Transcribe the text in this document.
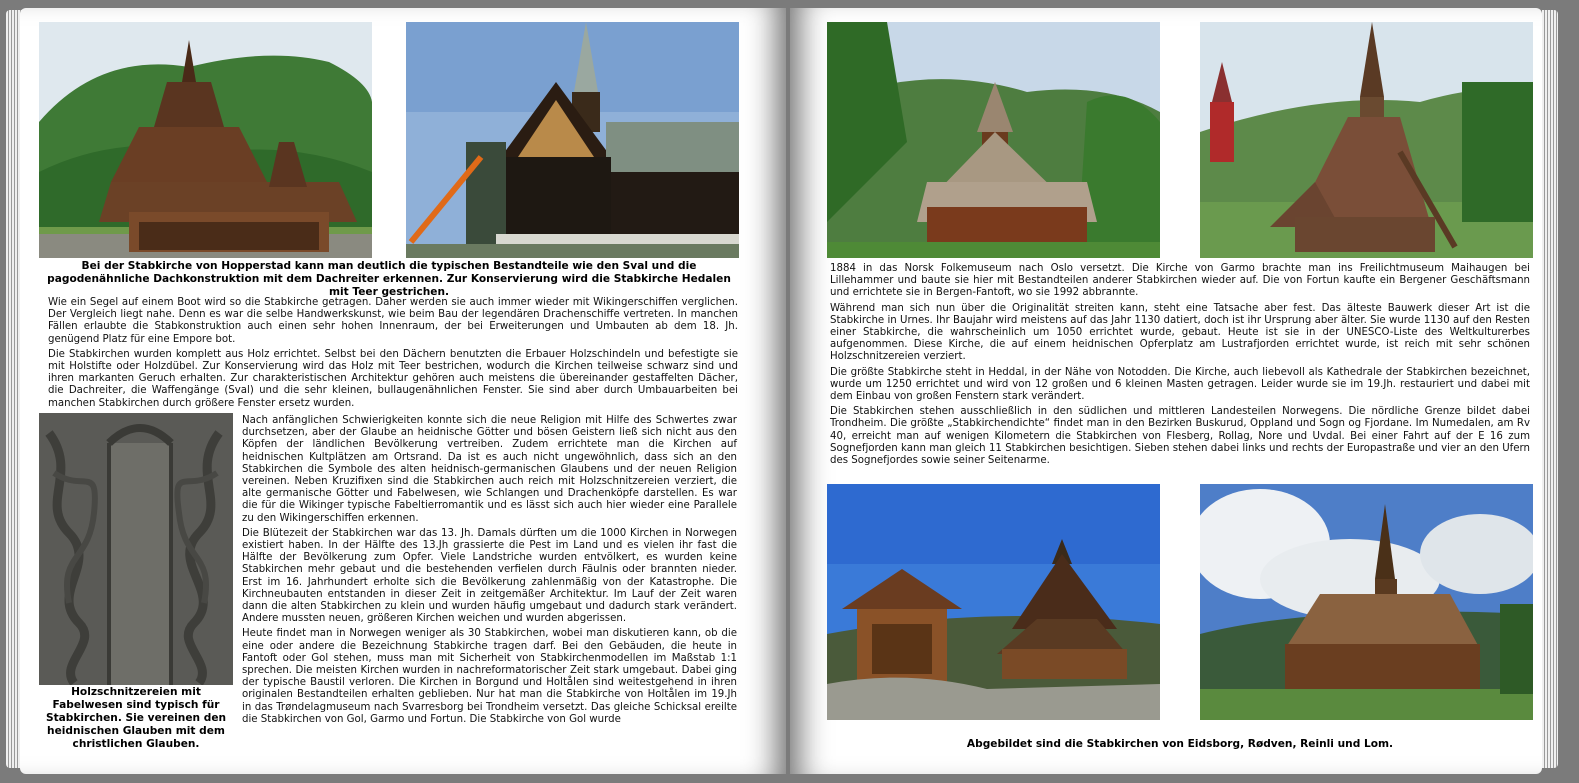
Bei der Stabkirche von Hopperstad kann man deutlich die typischen Bestandteile wie den Sval und die pagodenähnliche Dachkonstruktion mit dem Dachreiter erkennen. Zur Konservierung wird die Stabkirche Hedalen mit Teer gestrichen.

Wie ein Segel auf einem Boot wird so die Stabkirche getragen. Daher werden sie auch immer wieder mit Wikingerschiffen verglichen. Der Vergleich liegt nahe. Denn es war die selbe Handwerkskunst, wie beim Bau der legendären Drachenschiffe vertreten. In manchen Fällen erlaubte die Stabkonstruktion auch einen sehr hohen Innenraum, der bei Erweiterungen und Umbauten ab dem 18. Jh. genügend Platz für eine Empore bot.

Die Stabkirchen wurden komplett aus Holz errichtet. Selbst bei den Dächern benutzten die Erbauer Holzschindeln und befestigte sie mit Holstifte oder Holzdübel. Zur Konservierung wird das Holz mit Teer bestrichen, wodurch die Kirchen teilweise schwarz sind und ihren markanten Geruch erhalten. Zur charakteristischen Architektur gehören auch meistens die übereinander gestaffelten Dächer, die Dachreiter, die Waffengänge (Sval) und die sehr kleinen, bullaugenähnlichen Fenster. Sie sind aber durch Umbauarbeiten bei manchen Stabkirchen durch größere Fenster ersetz wurden.

Nach anfänglichen Schwierigkeiten konnte sich die neue Religion mit Hilfe des Schwertes zwar durchsetzen, aber der Glaube an heidnische Götter und bösen Geistern ließ sich nicht aus den Köpfen der ländlichen Bevölkerung vertreiben. Zudem errichtete man die Kirchen auf heidnischen Kultplätzen am Ortsrand. Da ist es auch nicht ungewöhnlich, dass sich an den Stabkirchen die Symbole des alten heidnisch-germanischen Glaubens und der neuen Religion vereinen. Neben Kruzifixen sind die Stabkirchen auch reich mit Holzschnitzereien verziert, die alte germanische Götter und Fabelwesen, wie Schlangen und Drachenköpfe darstellen. Es war die für die Wikinger typische Fabeltierromantik und es lässt sich auch hier wieder eine Parallele zu den Wikingerschiffen erkennen.

Die Blütezeit der Stabkirchen war das 13. Jh. Damals dürften um die 1000 Kirchen in Norwegen existiert haben. In der Hälfte des 13.Jh grassierte die Pest im Land und es vielen ihr fast die Hälfte der Bevölkerung zum Opfer. Viele Landstriche wurden entvölkert, es wurden keine Stabkirchen mehr gebaut und die bestehenden verfielen durch Fäulnis oder brannten nieder. Erst im 16. Jahrhundert erholte sich die Bevölkerung zahlenmäßig von der Katastrophe. Die Kirchneubauten entstanden in dieser Zeit in zeitgemäßer Architektur. Im Lauf der Zeit waren dann die alten Stabkirchen zu klein und wurden häufig umgebaut und dadurch stark verändert. Andere mussten neuen, größeren Kirchen weichen und wurden abgerissen.

Heute findet man in Norwegen weniger als 30 Stabkirchen, wobei man diskutieren kann, ob die eine oder andere die Bezeichnung Stabkirche tragen darf. Bei den Gebäuden, die heute in Fantoft oder Gol stehen, muss man mit Sicherheit von Stabkirchenmodellen im Maßstab 1:1 sprechen. Die meisten Kirchen wurden in nachreformatorischer Zeit stark umgebaut. Dabei ging der typische Baustil verloren. Die Kirchen in Borgund und Holtålen sind weitestgehend in ihren originalen Bestandteilen erhalten geblieben. Nur hat man die Stabkirche von Holtålen im 19.Jh in das Trøndelagmuseum nach Svarresborg bei Trondheim versetzt. Das gleiche Schicksal ereilte die Stabkirchen von Gol, Garmo und Fortun. Die Stabkirche von Gol wurde

Holzschnitzereien mit Fabelwesen sind typisch für Stabkirchen. Sie vereinen den heidnischen Glauben mit dem christlichen Glauben.

1884 in das Norsk Folkemuseum nach Oslo versetzt. Die Kirche von Garmo brachte man ins Freilichtmuseum Maihaugen bei Lillehammer und baute sie hier mit Bestandteilen anderer Stabkirchen wieder auf. Die von Fortun kaufte ein Bergener Geschäftsmann und errichtete sie in Bergen-Fantoft, wo sie 1992 abbrannte.

Während man sich nun über die Originalität streiten kann, steht eine Tatsache aber fest. Das älteste Bauwerk dieser Art ist die Stabkirche in Urnes. Ihr Baujahr wird meistens auf das Jahr 1130 datiert, doch ist ihr Ursprung aber älter. Sie wurde 1130 auf den Resten einer Stabkirche, die wahrscheinlich um 1050 errichtet wurde, gebaut. Heute ist sie in der UNESCO-Liste des Weltkulturerbes aufgenommen. Diese Kirche, die auf einem heidnischen Opferplatz am Lustrafjorden errichtet wurde, ist reich mit sehr schönen Holzschnitzereien verziert.

Die größte Stabkirche steht in Heddal, in der Nähe von Notodden. Die Kirche, auch liebevoll als Kathedrale der Stabkirchen bezeichnet, wurde um 1250 errichtet und wird von 12 großen und 6 kleinen Masten getragen. Leider wurde sie im 19.Jh. restauriert und dabei mit dem Einbau von großen Fenstern stark verändert.

Die Stabkirchen stehen ausschließlich in den südlichen und mittleren Landesteilen Norwegens. Die nördliche Grenze bildet dabei Trondheim. Die größte „Stabkirchendichte“ findet man in den Bezirken Buskurud, Oppland und Sogn og Fjordane. Im Numedalen, am Rv 40, erreicht man auf wenigen Kilometern die Stabkirchen von Flesberg, Rollag, Nore und Uvdal. Bei einer Fahrt auf der E 16 zum Sognefjorden kann man gleich 11 Stabkirchen besichtigen. Sieben stehen dabei links und rechts der Europastraße und vier an den Ufern des Sognefjordes sowie seiner Seitenarme.

Abgebildet sind die Stabkirchen von Eidsborg, Rødven, Reinli und Lom.
